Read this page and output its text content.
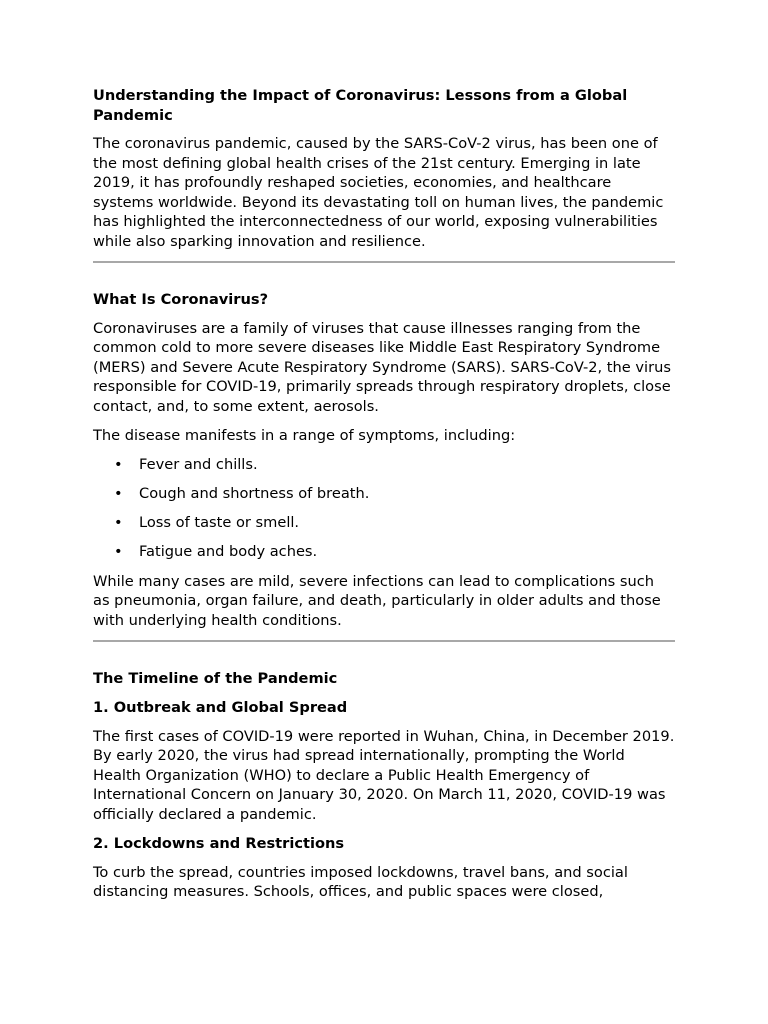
Understanding the Impact of Coronavirus: Lessons from a Global Pandemic

The coronavirus pandemic, caused by the SARS-CoV-2 virus, has been one of the most defining global health crises of the 21st century. Emerging in late 2019, it has profoundly reshaped societies, economies, and healthcare systems worldwide. Beyond its devastating toll on human lives, the pandemic has highlighted the interconnectedness of our world, exposing vulnerabilities while also sparking innovation and resilience.

What Is Coronavirus?

Coronaviruses are a family of viruses that cause illnesses ranging from the common cold to more severe diseases like Middle East Respiratory Syndrome (MERS) and Severe Acute Respiratory Syndrome (SARS). SARS-CoV-2, the virus responsible for COVID-19, primarily spreads through respiratory droplets, close contact, and, to some extent, aerosols.

The disease manifests in a range of symptoms, including:

• Fever and chills.
• Cough and shortness of breath.
• Loss of taste or smell.
• Fatigue and body aches.

While many cases are mild, severe infections can lead to complications such as pneumonia, organ failure, and death, particularly in older adults and those with underlying health conditions.

The Timeline of the Pandemic
1. Outbreak and Global Spread

The first cases of COVID-19 were reported in Wuhan, China, in December 2019. By early 2020, the virus had spread internationally, prompting the World Health Organization (WHO) to declare a Public Health Emergency of International Concern on January 30, 2020. On March 11, 2020, COVID-19 was officially declared a pandemic.

2. Lockdowns and Restrictions

To curb the spread, countries imposed lockdowns, travel bans, and social distancing measures. Schools, offices, and public spaces were closed,
